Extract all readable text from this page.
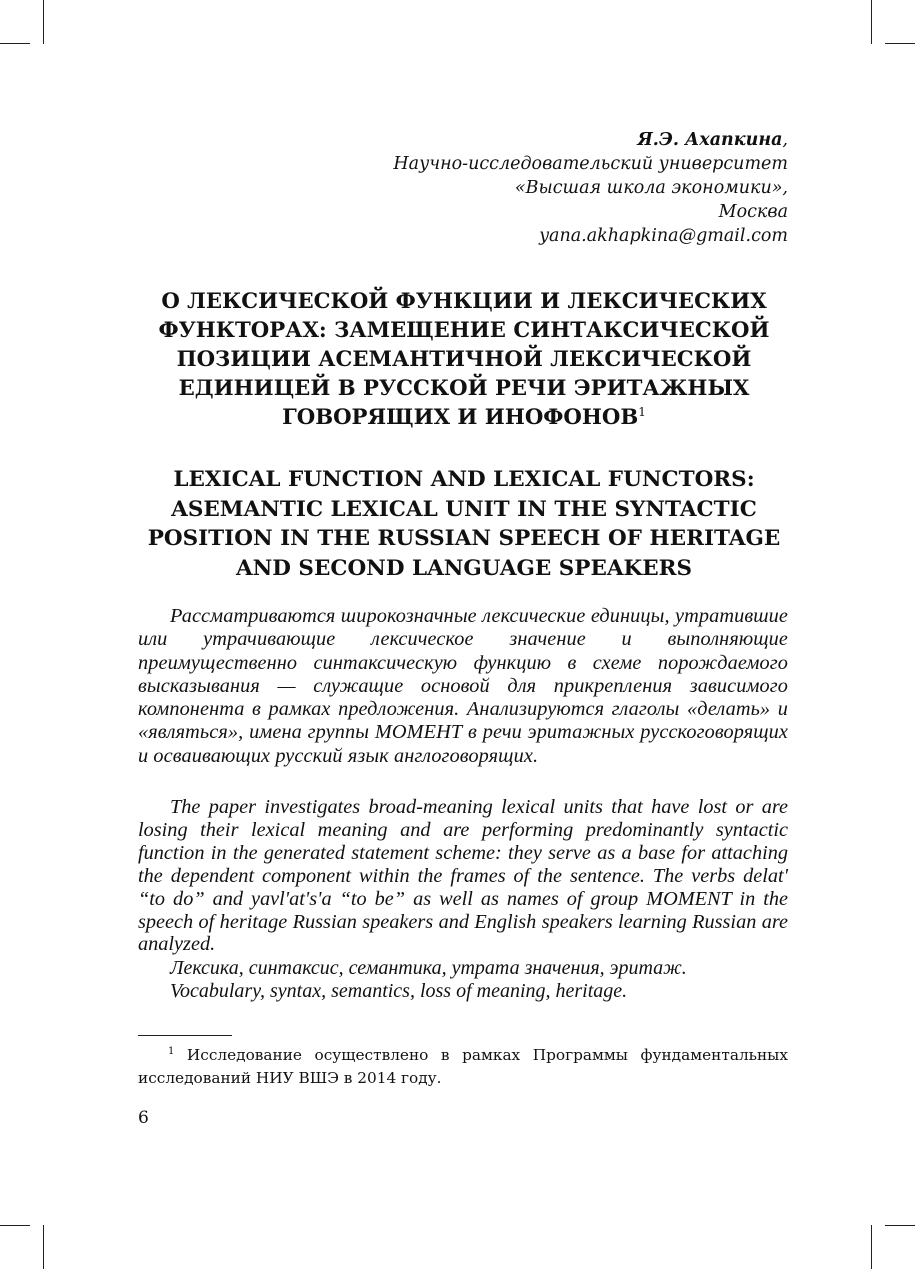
Я.Э. Ахапкина,
Научно-исследовательский университет
«Высшая школа экономики»,
Москва
yana.akhapkina@gmail.com
О ЛЕКСИЧЕСКОЙ ФУНКЦИИ И ЛЕКСИЧЕСКИХ
ФУНКТОРАХ: ЗАМЕЩЕНИЕ СИНТАКСИЧЕСКОЙ
ПОЗИЦИИ АСЕМАНТИЧНОЙ ЛЕКСИЧЕСКОЙ
ЕДИНИЦЕЙ В РУССКОЙ РЕЧИ ЭРИТАЖНЫХ
ГОВОРЯЩИХ И ИНОФОНОВ$^1$
LEXICAL FUNCTION AND LEXICAL FUNCTORS:
ASEMANTIC LEXICAL UNIT IN THE SYNTACTIC
POSITION IN THE RUSSIAN SPEECH OF HERITAGE
AND SECOND LANGUAGE SPEAKERS

Рассматриваются широкозначные лексические единицы, утратившие или утрачивающие лексическое значение и выполняющие преимущественно синтаксическую функцию в схеме порождаемого высказывания — служащие основой для прикрепления зависимого компонента в рамках предложения. Анализируются глаголы «делать» и «являться», имена группы МОМЕНТ в речи эритажных русскоговорящих и осваивающих русский язык англоговорящих.

The paper investigates broad-meaning lexical units that have lost or are losing their lexical meaning and are performing predominantly syntactic function in the generated statement scheme: they serve as a base for attaching the dependent component within the frames of the sentence. The verbs delat' “to do” and yavl'at's'a “to be” as well as names of group MOMENT in the speech of heritage Russian speakers and English speakers learning Russian are analyzed.

Лексика, синтаксис, семантика, утрата значения, эритаж.
Vocabulary, syntax, semantics, loss of meaning, heritage.

$^1$ Исследование осуществлено в рамках Программы фундаментальных исследований НИУ ВШЭ в 2014 году.

6
